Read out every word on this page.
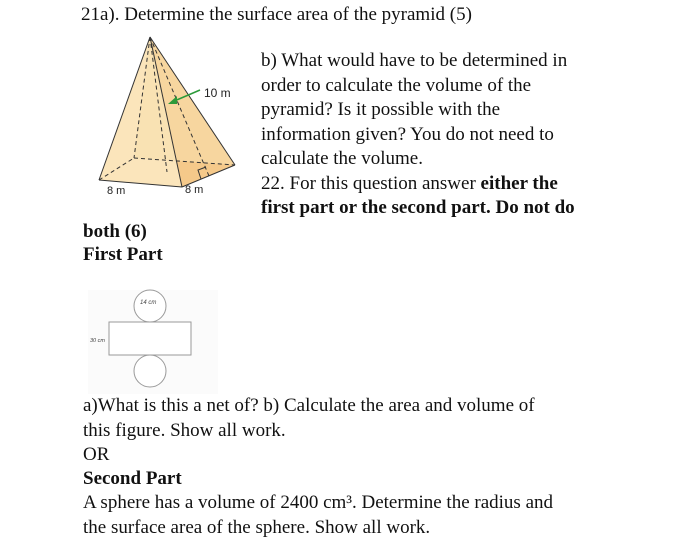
21a). Determine the surface area of the pyramid (5)

10 m
8 m	8 m

b) What would have to be determined in

order to calculate the volume of the

pyramid? Is it possible with the

information given? You do not need to

calculate the volume.

22. For this question answer either the

first part or the second part. Do not do

both (6)

First Part

14 cm
30 cm

a)What is this a net of? b) Calculate the area and volume of

this figure. Show all work.

OR

Second Part

A sphere has a volume of 2400 cm³. Determine the radius and

the surface area of the sphere. Show all work.
